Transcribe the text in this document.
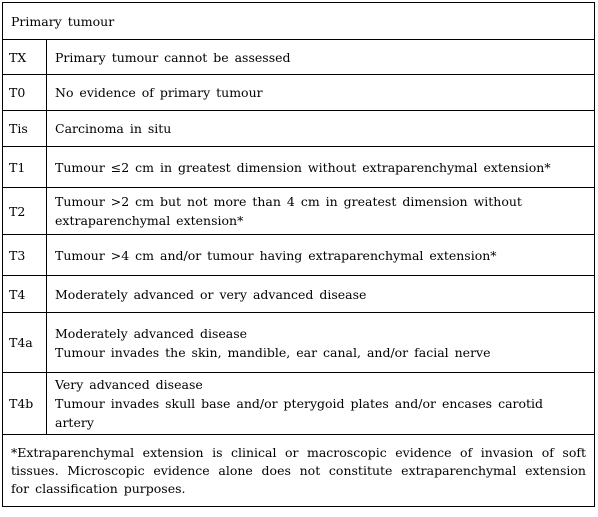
Primary tumour	
TX	Primary tumour cannot be assessed

T0	No evidence of primary tumour

Tis	Carcinoma in situ

T1	Tumour ≤2 cm in greatest dimension without extraparenchymal extension*

T2	Tumour >2 cm but not more than 4 cm in greatest dimension without
extraparenchymal extension*

T3	Tumour >4 cm and/or tumour having extraparenchymal extension*

T4	Moderately advanced or very advanced disease

T4a	Moderately advanced disease
Tumour invades the skin, mandible, ear canal, and/or facial nerve

T4b	Very advanced disease
Tumour invades skull base and/or pterygoid plates and/or encases carotid artery

*Extraparenchymal extension is clinical or macroscopic evidence of invasion of soft tissues. Microscopic evidence alone does not constitute extraparenchymal extension for classification purposes.	
